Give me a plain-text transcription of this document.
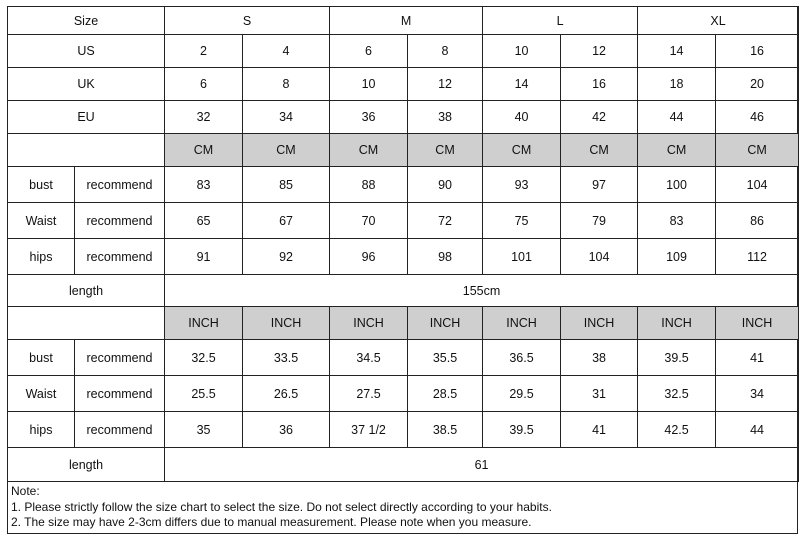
Size		S		M		L		XL	
US		2	4	6	8	10	12	14	16
UK		6	8	10	12	14	16	18	20
EU		32	34	36	38	40	42	44	46
		CM	CM	CM	CM	CM	CM	CM	CM
bust	recommend	83	85	88	90	93	97	100	104
Waist	recommend	65	67	70	72	75	79	83	86
hips	recommend	91	92	96	98	101	104	109	112
length		155cm							
		INCH	INCH	INCH	INCH	INCH	INCH	INCH	INCH
bust	recommend	32.5	33.5	34.5	35.5	36.5	38	39.5	41
Waist	recommend	25.5	26.5	27.5	28.5	29.5	31	32.5	34
hips	recommend	35	36	37 1/2	38.5	39.5	41	42.5	44
length		61							
Note:
1. Please strictly follow the size chart to select the size. Do not select directly according to your habits.
2. The size may have 2-3cm differs due to manual measurement. Please note when you measure.
